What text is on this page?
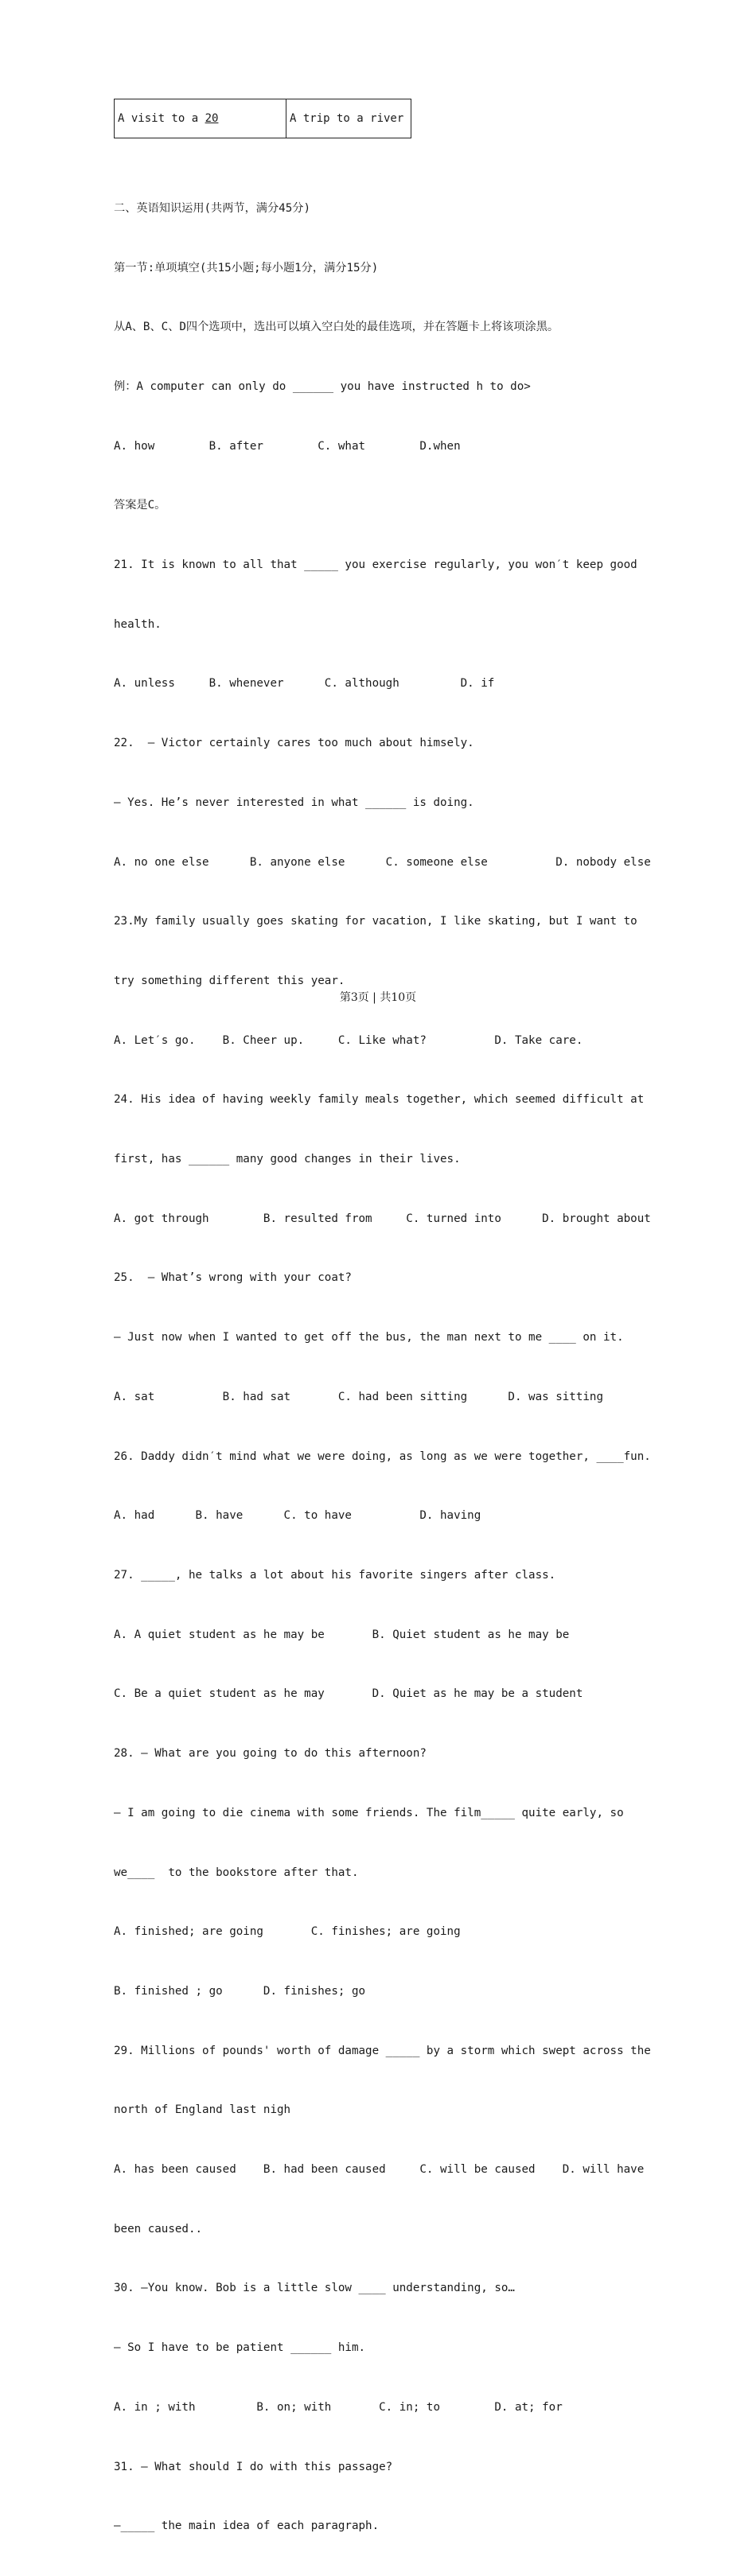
A visit to a 20	A trip to a river

二、英语知识运用(共两节，满分45分)

第一节:单项填空(共15小题;每小题1分，满分15分)

从A、B、C、D四个选项中，选出可以填入空白处的最佳选项，并在答题卡上将该项涂黑。

例：A computer can only do ______ you have instructed h to do>

A. how        B. after        C. what        D.when

答案是C。

21. It is known to all that _____ you exercise regularly, you won′t keep good

health.

A. unless     B. whenever      C. although         D. if

22.  — Victor certainly cares too much about himsely.

— Yes. He’s never interested in what ______ is doing.

A. no one else      B. anyone else      C. someone else          D. nobody else

23.My family usually goes skating for vacation, I like skating, but I want to

try something different this year.

A. Let′s go.    B. Cheer up.     C. Like what?          D. Take care.

24. His idea of having weekly family meals together, which seemed difficult at

first, has ______ many good changes in their lives.

A. got through        B. resulted from     C. turned into      D. brought about

25.  — What’s wrong with your coat?

— Just now when I wanted to get off the bus, the man next to me ____ on it.

A. sat          B. had sat       C. had been sitting      D. was sitting

26. Daddy didn′t mind what we were doing, as long as we were together, ____fun.

A. had      B. have      C. to have          D. having

27. _____, he talks a lot about his favorite singers after class.

A. A quiet student as he may be       B. Quiet student as he may be

C. Be a quiet student as he may       D. Quiet as he may be a student

28. — What are you going to do this afternoon?

— I am going to die cinema with some friends. The film_____ quite early, so

we____  to the bookstore after that.

A. finished; are going       C. finishes; are going

B. finished ; go      D. finishes; go

29. Millions of pounds' worth of damage _____ by a storm which swept across the

north of England last nigh

A. has been caused    B. had been caused     C. will be caused    D. will have

been caused..

30. —You know. Bob is a little slow ____ understanding, so…

— So I have to be patient ______ him.

A. in ; with         B. on; with       C. in; to        D. at; for

31. — What should I do with this passage?

—_____ the main idea of each paragraph.

第3页 | 共10页
